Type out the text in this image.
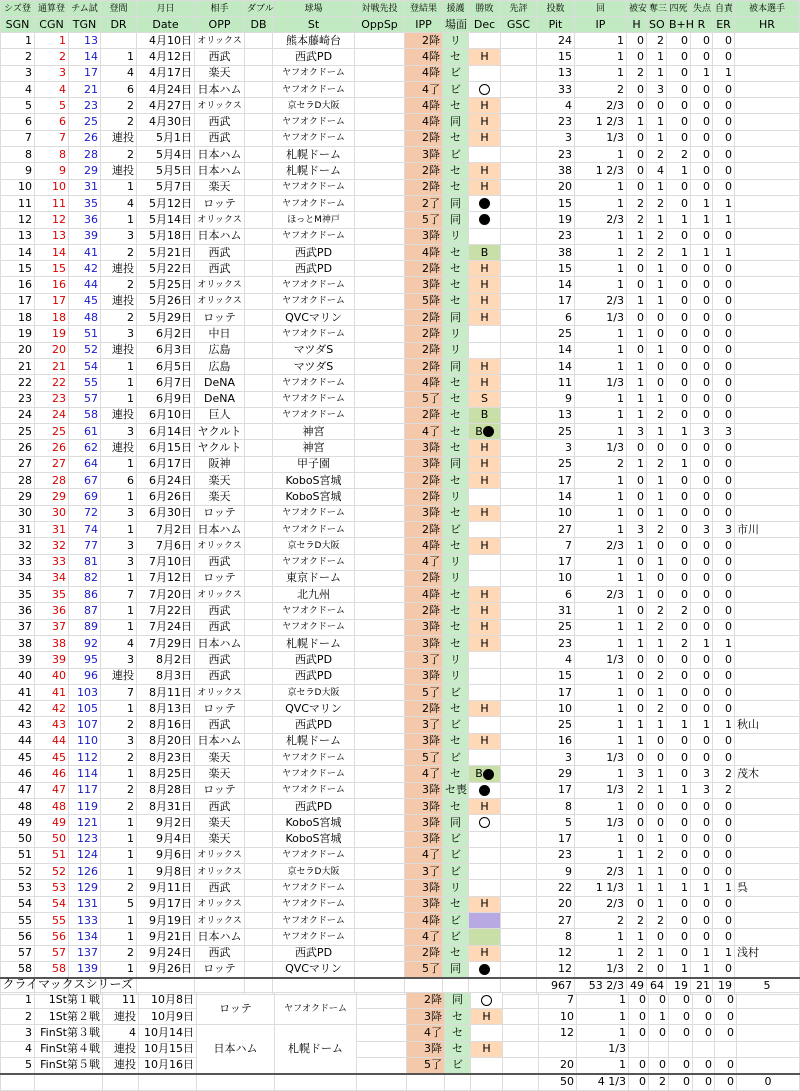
シズ登	通算登	チム試	登間	月日	相手	ダブル	球場	対戦先投	登結果	援護	勝敗	先評	投数	回	被安	奪三	四死	失点	自責	被本選手
SGN	CGN	TGN	DR	Date	OPP	DB	St	OppSp	IPP	場面	Dec	GSC	Pit	IP	H	SO	B+H	R	ER	HR
1	1	13		4月10日	オリックス		熊本藤崎台		2降	リ			24	1	0	2	0	0	0	
2	2	14	1	4月12日	西武		西武PD		4降	セ	H		15	1	0	1	0	0	0	
3	3	17	4	4月17日	楽天		ヤフオクドーム		4降	ビ			13	1	2	1	0	1	1	
4	4	21	6	4月24日	日本ハム		ヤフオクドーム		4了	ビ			33	2	0	3	0	0	0	
5	5	23	2	4月27日	オリックス		京セラD大阪		4降	セ	H		4	2/3	0	0	0	0	0	
6	6	25	2	4月30日	西武		ヤフオクドーム		4降	同	H		23	1 2/3	1	1	0	0	0	
7	7	26	連投	5月1日	西武		ヤフオクドーム		2降	セ	H		3	1/3	0	1	0	0	0	
8	8	28	2	5月4日	日本ハム		札幌ドーム		3降	ビ			23	1	0	2	2	0	0	
9	9	29	連投	5月5日	日本ハム		札幌ドーム		2降	セ	H		38	1 2/3	0	4	1	0	0	
10	10	31	1	5月7日	楽天		ヤフオクドーム		2降	セ	H		20	1	0	1	0	0	0	
11	11	35	4	5月12日	ロッテ		ヤフオクドーム		2了	同			15	1	2	2	0	1	1	
12	12	36	1	5月14日	オリックス		ほっとM神戸		5了	同			19	2/3	2	1	1	1	1	
13	13	39	3	5月18日	日本ハム		ヤフオクドーム		3降	リ			23	1	1	2	0	0	0	
14	14	41	2	5月21日	西武		西武PD		4降	セ	B		38	1	2	2	1	1	1	
15	15	42	連投	5月22日	西武		西武PD		2降	セ	H		15	1	0	1	0	0	0	
16	16	44	2	5月25日	オリックス		ヤフオクドーム		3降	セ	H		14	1	0	1	0	0	0	
17	17	45	連投	5月26日	オリックス		ヤフオクドーム		5降	セ	H		17	2/3	1	1	0	0	0	
18	18	48	2	5月29日	ロッテ		QVCマリン		2降	同	H		6	1/3	0	0	0	0	0	
19	19	51	3	6月2日	中日		ヤフオクドーム		2降	リ			25	1	1	0	0	0	0	
20	20	52	連投	6月3日	広島		マツダS		2降	リ			14	1	0	1	0	0	0	
21	21	54	1	6月5日	広島		マツダS		2降	同	H		14	1	1	0	0	0	0	
22	22	55	1	6月7日	DeNA		ヤフオクドーム		4降	セ	H		11	1/3	1	0	0	0	0	
23	23	57	1	6月9日	DeNA		ヤフオクドーム		5了	セ	S		9	1	1	1	0	0	0	
24	24	58	連投	6月10日	巨人		ヤフオクドーム		2降	セ	B		13	1	1	2	0	0	0	
25	25	61	3	6月14日	ヤクルト		神宮		4了	セ	B		25	1	3	1	1	3	3	
26	26	62	連投	6月15日	ヤクルト		神宮		3降	セ	H		3	1/3	0	0	0	0	0	
27	27	64	1	6月17日	阪神		甲子園		3降	同	H		25	2	1	2	1	0	0	
28	28	67	6	6月24日	楽天		KoboS宮城		2降	セ	H		17	1	0	1	0	0	0	
29	29	69	1	6月26日	楽天		KoboS宮城		2降	リ			14	1	0	1	0	0	0	
30	30	72	3	6月30日	ロッテ		ヤフオクドーム		3降	セ	H		10	1	0	1	0	0	0	
31	31	74	1	7月2日	日本ハム		ヤフオクドーム		2降	ビ			27	1	3	2	0	3	3	市川
32	32	77	3	7月6日	オリックス		京セラD大阪		4降	セ	H		7	2/3	1	0	0	0	0	
33	33	81	3	7月10日	西武		ヤフオクドーム		4了	リ			17	1	0	1	0	0	0	
34	34	82	1	7月12日	ロッテ		東京ドーム		2降	リ			10	1	1	0	0	0	0	
35	35	86	7	7月20日	オリックス		北九州		4降	セ	H		6	2/3	1	0	0	0	0	
36	36	87	1	7月22日	西武		ヤフオクドーム		2降	セ	H		31	1	0	2	2	0	0	
37	37	89	1	7月24日	西武		ヤフオクドーム		3降	セ	H		25	1	1	2	0	0	0	
38	38	92	4	7月29日	日本ハム		札幌ドーム		3降	セ	H		23	1	1	1	2	1	1	
39	39	95	3	8月2日	西武		西武PD		3了	リ			4	1/3	0	0	0	0	0	
40	40	96	連投	8月3日	西武		西武PD		3降	リ			15	1	0	2	0	0	0	
41	41	103	7	8月11日	オリックス		京セラD大阪		5了	ビ			17	1	0	1	0	0	0	
42	42	105	1	8月13日	ロッテ		QVCマリン		2降	セ	H		10	1	0	2	0	0	0	
43	43	107	2	8月16日	西武		西武PD		3了	ビ			25	1	1	1	1	1	1	秋山
44	44	110	3	8月20日	日本ハム		札幌ドーム		3降	セ	H		16	1	1	0	0	0	0	
45	45	112	2	8月23日	楽天		ヤフオクドーム		5了	ビ			3	1/3	0	0	0	0	0	
46	46	114	1	8月25日	楽天		ヤフオクドーム		4了	セ	B		29	1	3	1	0	3	2	茂木
47	47	117	2	8月28日	ロッテ		ヤフオクドーム		3降	セ喪			17	1/3	2	1	1	3	2	
48	48	119	2	8月31日	西武		西武PD		3降	セ	H		8	1	0	0	0	0	0	
49	49	121	1	9月2日	楽天		KoboS宮城		3降	同			5	1/3	0	0	0	0	0	
50	50	123	1	9月4日	楽天		KoboS宮城		3降	ビ			17	1	0	1	0	0	0	
51	51	124	1	9月6日	オリックス		ヤフオクドーム		4了	ビ			23	1	1	2	0	0	0	
52	52	126	1	9月8日	オリックス		京セラD大阪		3了	ビ			9	2/3	1	1	0	0	0	
53	53	129	2	9月11日	西武		ヤフオクドーム		3降	リ			22	1 1/3	1	1	1	1	1	呉
54	54	131	5	9月17日	オリックス		ヤフオクドーム		3降	セ	H		20	2/3	0	1	0	0	0	
55	55	133	1	9月19日	オリックス		ヤフオクドーム		4降	ビ			27	2	2	2	0	0	0	
56	56	134	1	9月21日	日本ハム		ヤフオクドーム		4了	ビ			8	1	1	0	0	0	0	
57	57	137	2	9月24日	西武		西武PD		2降	セ	H		12	1	2	1	0	1	1	浅村
58	58	139	1	9月26日	ロッテ		QVCマリン		5了	同			12	1/3	2	0	1	1	0	
													967	53 2/3	49	64	19	21	19	5
クライマックスシリーズ																		
1	1St第１戦	11	10月8日	ロッテ	ヤフオクドーム		2降	同			7	1	0	0	0	0	0	
2	1St第２戦	連投	10月9日				3降	セ	H		10	1	0	1	0	0	0	
3	FinSt第３戦	4	10月14日	日本ハム	札幌ドーム		4了	セ			12	1	0	0	0	0	0	
4	FinSt第４戦	連投	10月15日				3降	セ	H			1/3						
5	FinSt第５戦	連投	10月16日				5了	ビ			20	1	0	0	0	0	0	
											50	4 1/3	0	2	0	0	0	0
